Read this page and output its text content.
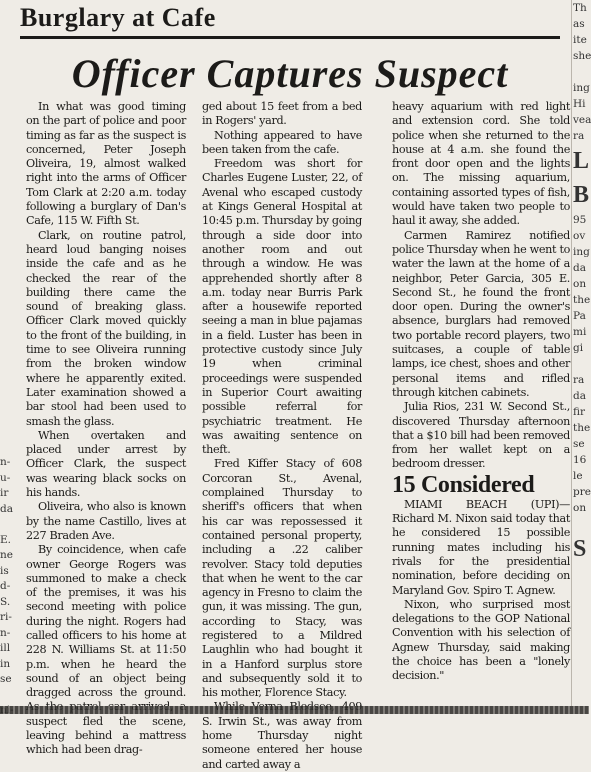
Burglary at Cafe
Officer Captures Suspect

In what was good timing on the part of police and poor timing as far as the suspect is concerned, Peter Joseph Oliveira, 19, almost walked right into the arms of Officer Tom Clark at 2:20 a.m. today following a burglary of Dan's Cafe, 115 W. Fifth St.

Clark, on routine patrol, heard loud banging noises inside the cafe and as he checked the rear of the building there came the sound of breaking glass. Officer Clark moved quickly to the front of the building, in time to see Oliveira running from the broken window where he apparently exited. Later examination showed a bar stool had been used to smash the glass.

When overtaken and placed under arrest by Officer Clark, the suspect was wearing black socks on his hands.

Oliveira, who also is known by the name Castillo, lives at 227 Braden Ave.

By coincidence, when cafe owner George Rogers was summoned to make a check of the premises, it was his second meeting with police during the night. Rogers had called officers to his home at 228 N. Williams St. at 11:50 p.m. when he heard the sound of an object being dragged across the ground. suspect fled the scene, leaving behind a mattress which had been drag-

ged about 15 feet from a bed in Rogers' yard.

Nothing appeared to have been taken from the cafe.

Freedom was short for Charles Eugene Luster, 22, of Avenal who escaped custody at Kings General Hospital at 10:45 p.m. Thursday by going through a side door into another room and out through a window. He was apprehended shortly after 8 a.m. today near Burris Park after a housewife reported seeing a man in blue pajamas in a field. Luster has been in protective custody since July 19 when criminal proceedings were suspended in Superior Court awaiting possible referral for psychiatric treatment. He was awaiting sentence on theft.

Fred Kiffer Stacy of 608 Corcoran St., Avenal, complained Thursday to sheriff's officers that when his car was repossessed it contained personal property, including a .22 caliber revolver. Stacy told deputies that when he went to the car agency in Fresno to claim the gun, it was missing. The gun, according to Stacy, was registered to a Mildred Laughlin who had bought it in a Hanford surplus store and subsequently sold it to his mother, Florence Stacy.

S. Irwin St., was away from home Thursday night someone entered her house and carted away a

heavy aquarium with red light and extension cord. She told police when she returned to the house at 4 a.m. she found the front door open and the lights on. The missing aquarium, containing assorted types of fish, would have taken two people to haul it away, she added.

Carmen Ramirez notified police Thursday when he went to water the lawn at the home of a neighbor, Peter Garcia, 305 E. Second St., he found the front door open. During the owner's absence, burglars had removed two portable record players, two suitcases, a couple of table lamps, ice chest, shoes and other personal items and rifled through kitchen cabinets.

Julia Rios, 231 W. Second St., discovered Thursday afternoon that a $10 bill had been removed from her wallet kept on a bedroom dresser.

15 Considered

MIAMI BEACH (UPI)—Richard M. Nixon said today that he considered 15 possible running mates including his rivals for the presidential nomination, before deciding on Maryland Gov. Spiro T. Agnew.

Nixon, who surprised most delegations to the GOP National Convention with his selection of Agnew Thursday, said making the choice has been a "lonely decision."

n-
u-
ir
da

E.
ne
is
d-
S.
ri-
n-
ill
in
se

Th
as
ite
she

ing
Hi
vea
ra
L
B
95
ov
ing
da
on
the
Pa
mi
gi

ra
da
fir
the
se
16
le
pre
on

S
